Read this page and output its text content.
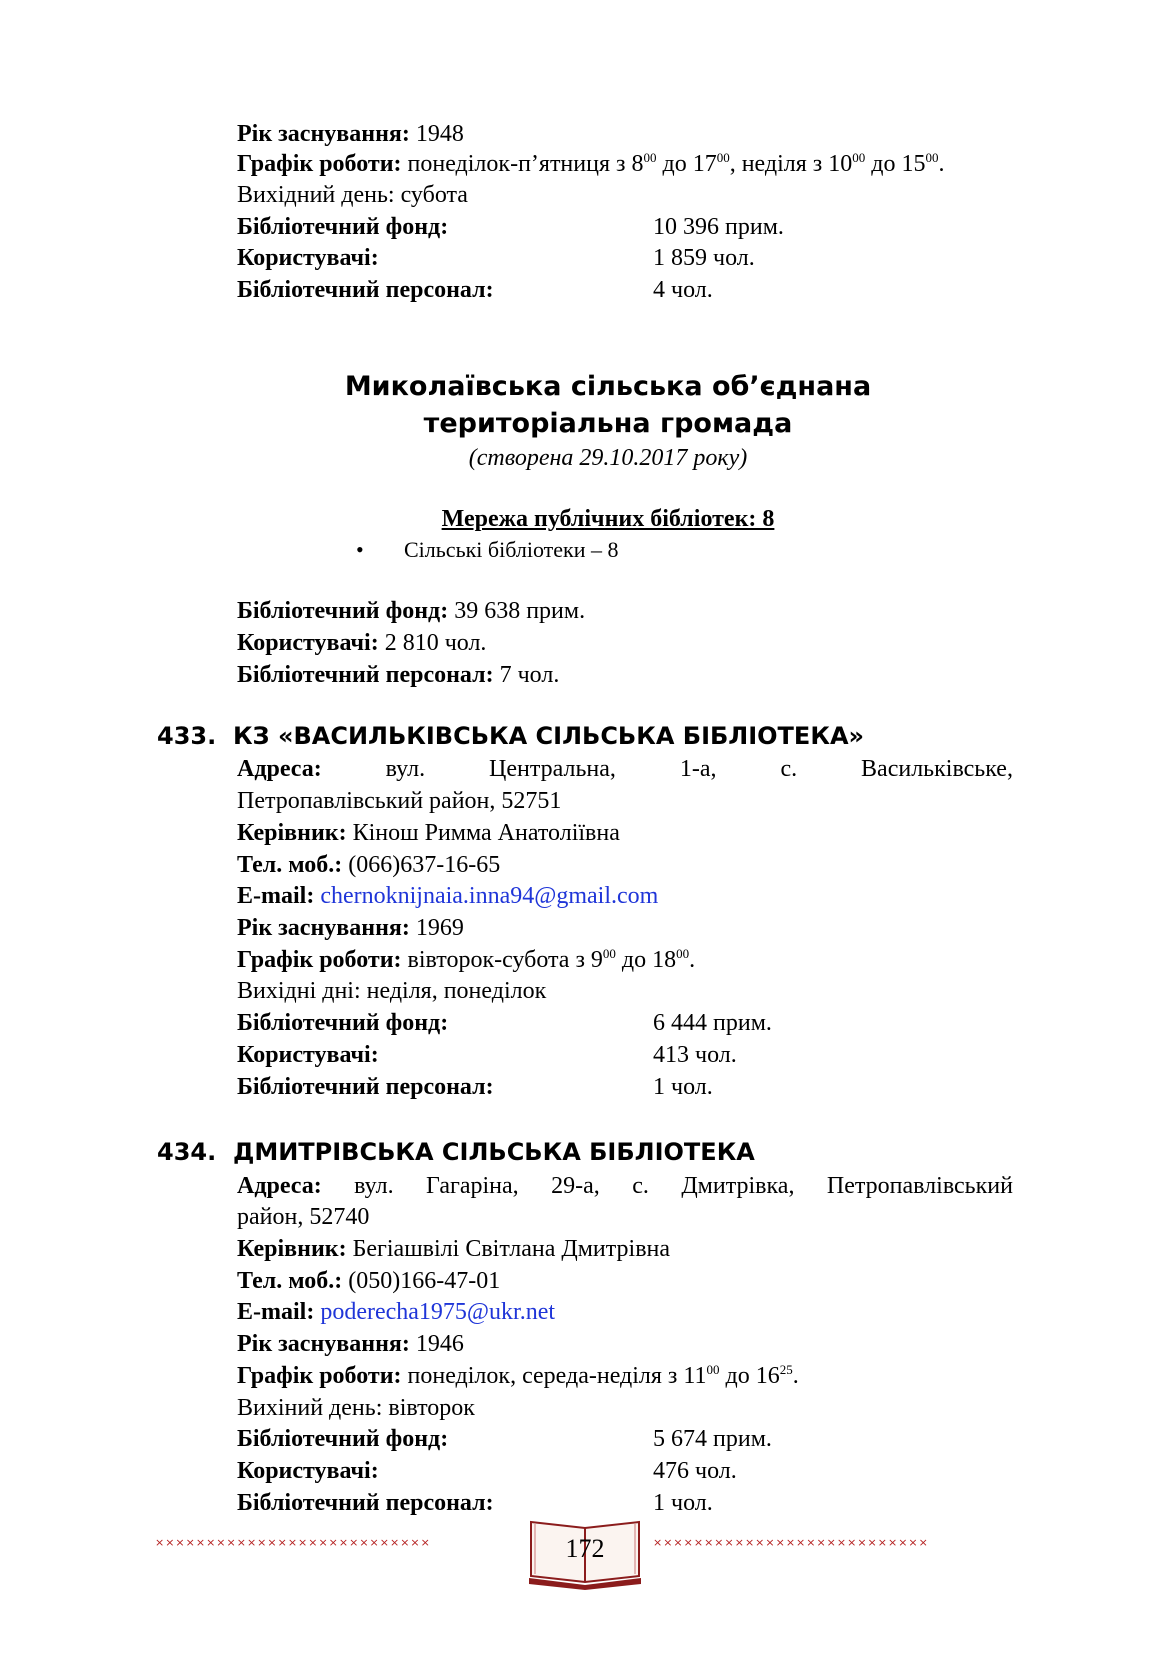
Рік заснування: 1948
Графік роботи: понеділок-п’ятниця з $8^{00}$ до $17^{00}$, неділя з $10^{00}$ до $15^{00}$.
Вихідний день: субота
Бібліотечний фонд:	10 396 прим.
Користувачі:	1 859 чол.
Бібліотечний персонал:	4 чол.
Миколаївська сільська об’єднана
територіальна громада
(створена 29.10.2017 року)
Мережа публічних бібліотек: 8
• Сільські бібліотеки – 8
Бібліотечний фонд: 39 638 прим.
Користувачі: 2 810 чол.
Бібліотечний персонал: 7 чол.
433. КЗ «ВАСИЛЬКІВСЬКА СІЛЬСЬКА БІБЛІОТЕКА»
Адреса:	вул.	Центральна,	1-а,	с.	Васильківське,
Петропавлівський район, 52751
Керівник: Кінош Римма Анатоліївна
Тел. моб.: (066)637-16-65
E-mail: chernoknijnaia.inna94@gmail.com
Рік заснування: 1969
Графік роботи: вівторок-субота з $9^{00}$ до $18^{00}$.
Вихідні дні: неділя, понеділок
Бібліотечний фонд:	6 444 прим.
Користувачі:	413 чол.
Бібліотечний персонал:	1 чол.
434. ДМИТРІВСЬКА СІЛЬСЬКА БІБЛІОТЕКА
Адреса: вул. Гагаріна, 29-а, с. Дмитрівка, Петропавлівський
район, 52740
Керівник: Бегіашвілі Світлана Дмитрівна
Тел. моб.: (050)166-47-01
E-mail: poderecha1975@ukr.net
Рік заснування: 1946
Графік роботи: понеділок, середа-неділя з $11^{00}$ до $16^{25}$.
Вихіний день: вівторок
Бібліотечний фонд:	5 674 прим.
Користувачі:	476 чол.
Бібліотечний персонал:	1 чол.
×××××××××××××××××××××××××××	172	×××××××××××××××××××××××××××
